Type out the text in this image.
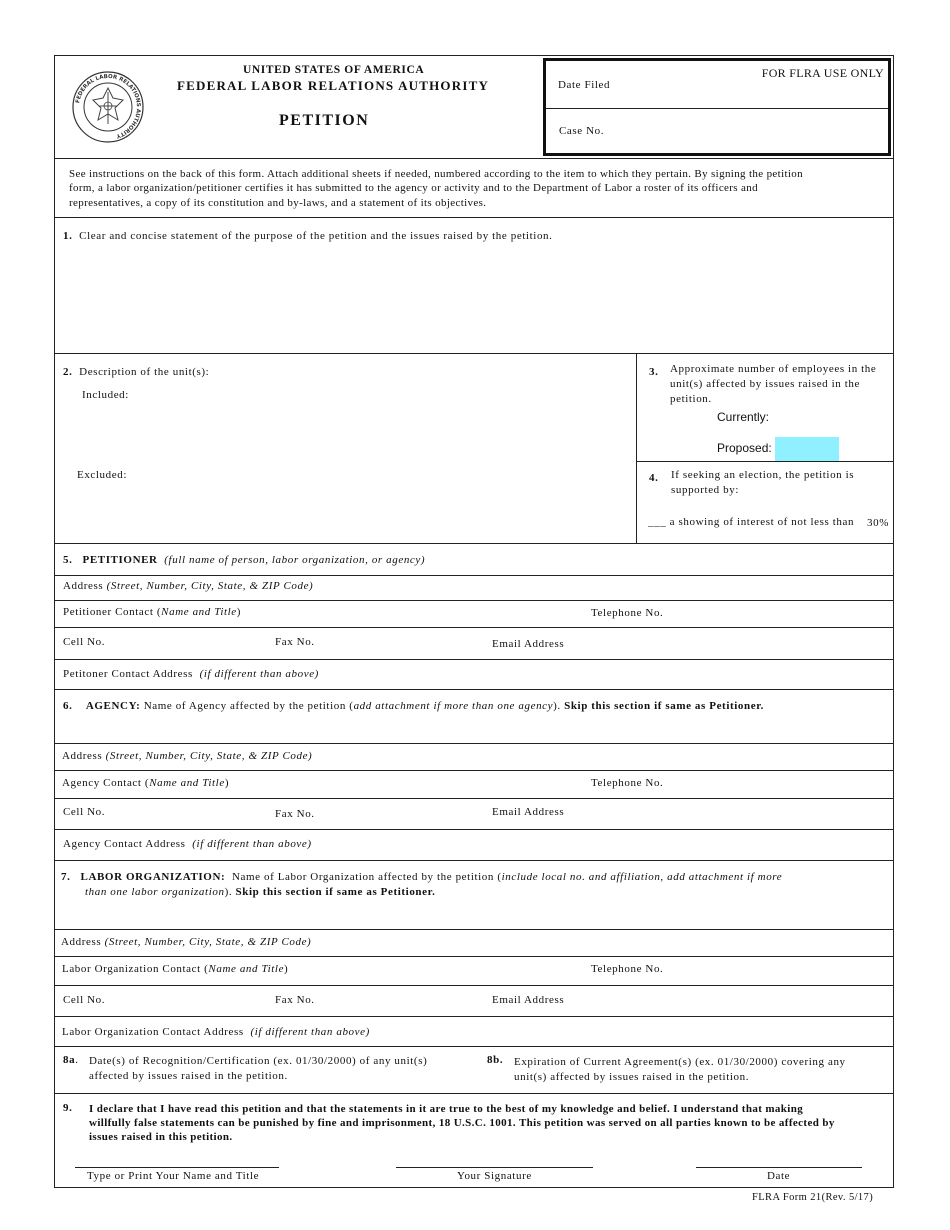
FEDERAL LABOR RELATIONS AUTHORITY
UNITED STATES OF AMERICA
FEDERAL LABOR RELATIONS AUTHORITY
PETITION
FOR FLRA USE ONLY
Date Filed
Case No.
See instructions on the back of this form. Attach additional sheets if needed, numbered according to the item to which they pertain. By signing the petition
form, a labor organization/petitioner certifies it has submitted to the agency or activity and to the Department of Labor a roster of its officers and
representatives, a copy of its constitution and by-laws, and a statement of its objectives.
1. Clear and concise statement of the purpose of the petition and the issues raised by the petition.
2. Description of the unit(s):
Included:
Excluded:
3. Approximate number of employees in the
unit(s) affected by issues raised in the
petition.
Currently:
Proposed:
4. If seeking an election, the petition is
supported by:
___ a showing of interest of not less than 30%
5. PETITIONER (full name of person, labor organization, or agency)
Address (Street, Number, City, State, & ZIP Code)
Petitioner Contact (Name and Title)	Telephone No.
Cell No.	Fax No.	Email Address
Petitoner Contact Address (if different than above)
6. AGENCY: Name of Agency affected by the petition (add attachment if more than one agency). Skip this section if same as Petitioner.
Address (Street, Number, City, State, & ZIP Code)
Agency Contact (Name and Title)	Telephone No.
Cell No.	Fax No.	Email Address
Agency Contact Address (if different than above)
7. LABOR ORGANIZATION: Name of Labor Organization affected by the petition (include local no. and affiliation, add attachment if more
than one labor organization). Skip this section if same as Petitioner.
Address (Street, Number, City, State, & ZIP Code)
Labor Organization Contact (Name and Title)	Telephone No.
Cell No.	Fax No.	Email Address
Labor Organization Contact Address (if different than above)
8a. Date(s) of Recognition/Certification (ex. 01/30/2000) of any unit(s)
affected by issues raised in the petition.
8b. Expiration of Current Agreement(s) (ex. 01/30/2000) covering any
unit(s) affected by issues raised in the petition.
9. I declare that I have read this petition and that the statements in it are true to the best of my knowledge and belief. I understand that making
willfully false statements can be punished by fine and imprisonment, 18 U.S.C. 1001. This petition was served on all parties known to be affected by
issues raised in this petition.
Type or Print Your Name and Title	Your Signature	Date
FLRA Form 21(Rev. 5/17)
